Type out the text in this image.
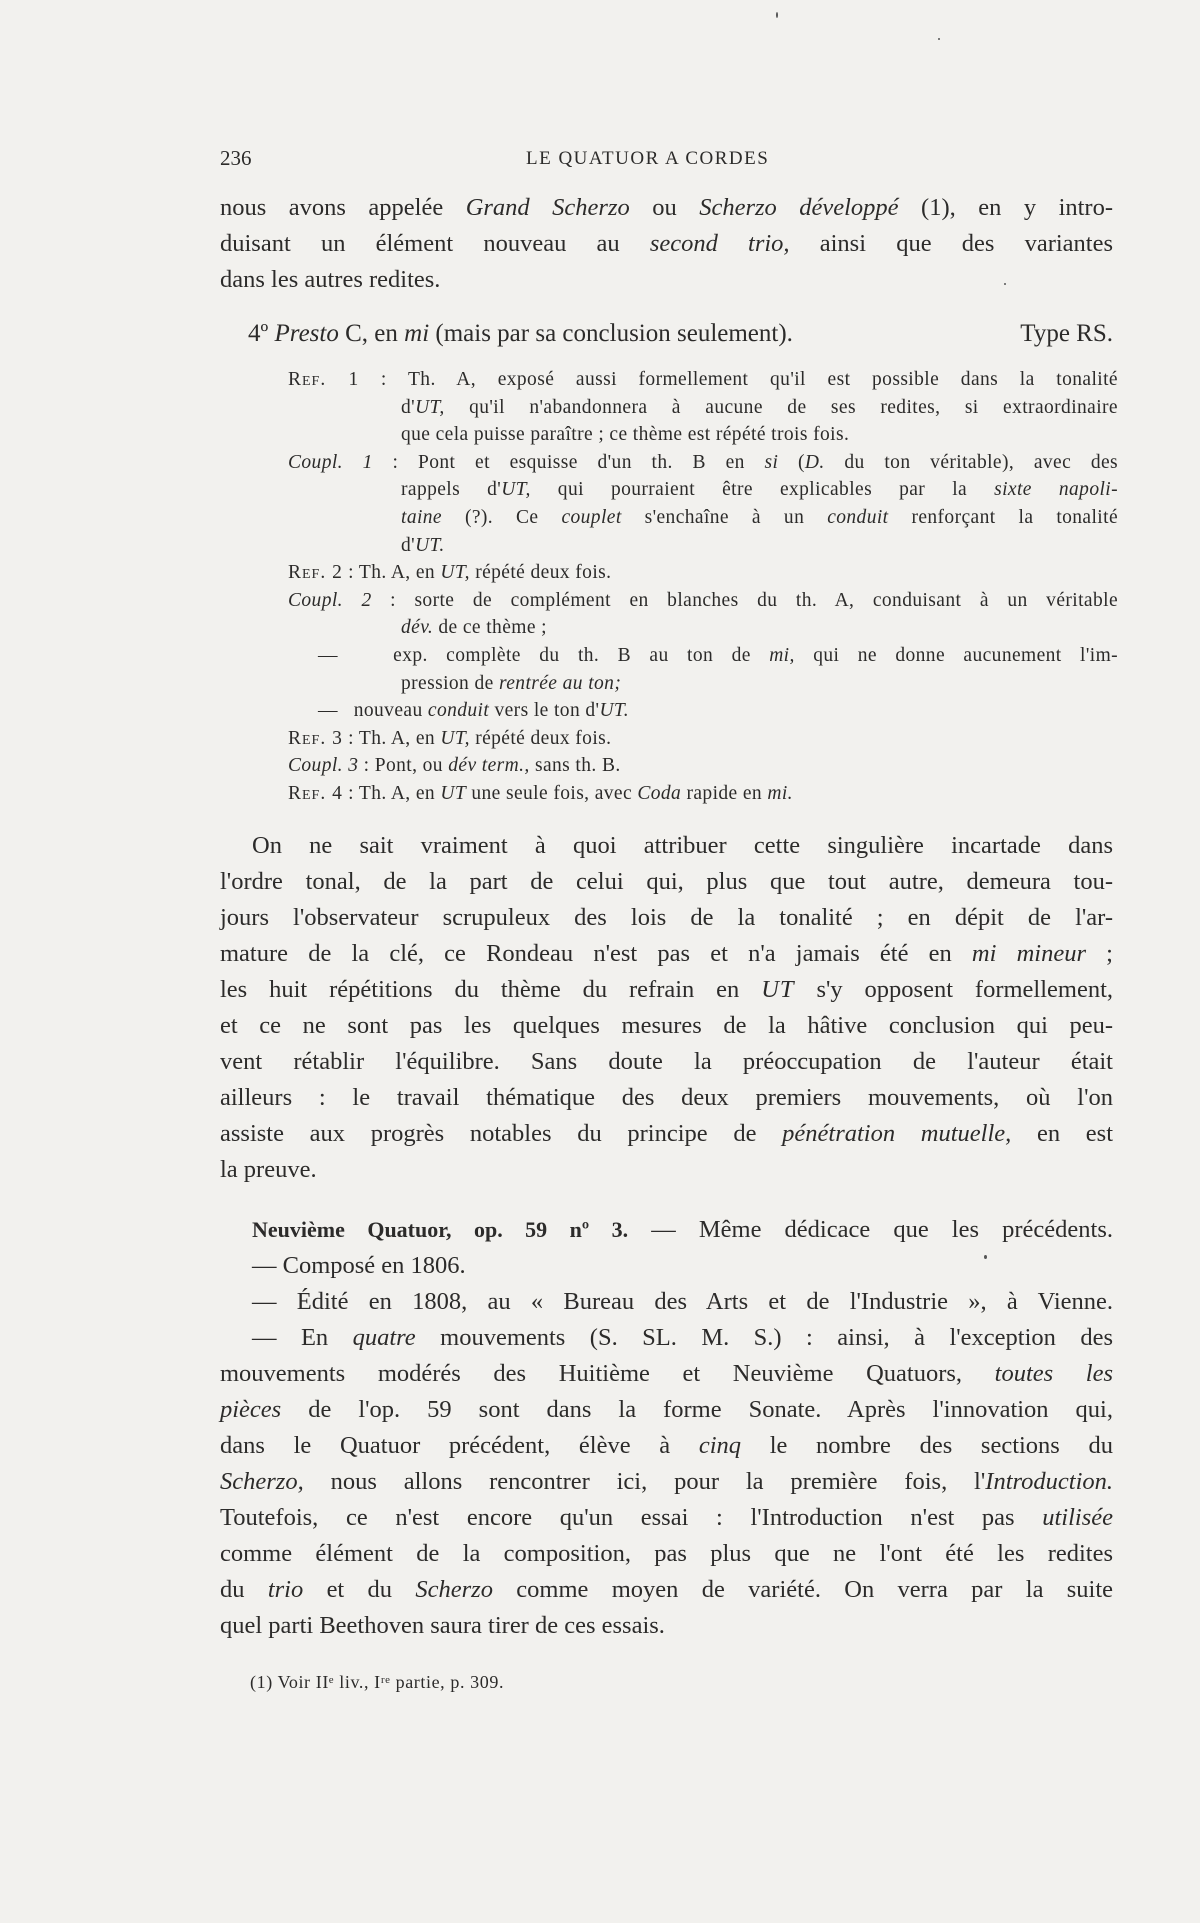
236	LE QUATUOR A CORDES
nous avons appelée Grand Scherzo ou Scherzo développé (1), en y intro-
duisant un élément nouveau au second trio, ainsi que des variantes
dans les autres redites.
4º Presto C, en mi (mais par sa conclusion seulement).	Type RS.
Ref. 1 : Th. A, exposé aussi formellement qu'il est possible dans la tonalité
d'UT, qu'il n'abandonnera à aucune de ses redites, si extraordinaire
que cela puisse paraître ; ce thème est répété trois fois.
Coupl. 1 : Pont et esquisse d'un th. B en si (D. du ton véritable), avec des
rappels d'UT, qui pourraient être explicables par la sixte napoli-
taine (?). Ce couplet s'enchaîne à un conduit renforçant la tonalité
d'UT.
Ref. 2 : Th. A, en UT, répété deux fois.
Coupl. 2 : sorte de complément en blanches du th. A, conduisant à un véritable
dév. de ce thème ;
—	exp. complète du th. B au ton de mi, qui ne donne aucunement l'im-
pression de rentrée au ton;
— nouveau conduit vers le ton d'UT.
Ref. 3 : Th. A, en UT, répété deux fois.
Coupl. 3 : Pont, ou dév term., sans th. B.
Ref. 4 : Th. A, en UT une seule fois, avec Coda rapide en mi.
On ne sait vraiment à quoi attribuer cette singulière incartade dans
l'ordre tonal, de la part de celui qui, plus que tout autre, demeura tou-
jours l'observateur scrupuleux des lois de la tonalité ; en dépit de l'ar-
mature de la clé, ce Rondeau n'est pas et n'a jamais été en mi mineur ;
les huit répétitions du thème du refrain en UT s'y opposent formellement,
et ce ne sont pas les quelques mesures de la hâtive conclusion qui peu-
vent rétablir l'équilibre. Sans doute la préoccupation de l'auteur était
ailleurs : le travail thématique des deux premiers mouvements, où l'on
assiste aux progrès notables du principe de pénétration mutuelle, en est
la preuve.
Neuvième Quatuor, op. 59 nº 3. — Même dédicace que les précédents.
— Composé en 1806.
— Édité en 1808, au « Bureau des Arts et de l'Industrie », à Vienne.
— En quatre mouvements (S. SL. M. S.) : ainsi, à l'exception des
mouvements modérés des Huitième et Neuvième Quatuors, toutes les
pièces de l'op. 59 sont dans la forme Sonate. Après l'innovation qui,
dans le Quatuor précédent, élève à cinq le nombre des sections du
Scherzo, nous allons rencontrer ici, pour la première fois, l'Introduction.
Toutefois, ce n'est encore qu'un essai : l'Introduction n'est pas utilisée
comme élément de la composition, pas plus que ne l'ont été les redites
du trio et du Scherzo comme moyen de variété. On verra par la suite
quel parti Beethoven saura tirer de ces essais.
(1) Voir IIᵉ liv., Iʳᵉ partie, p. 309.
